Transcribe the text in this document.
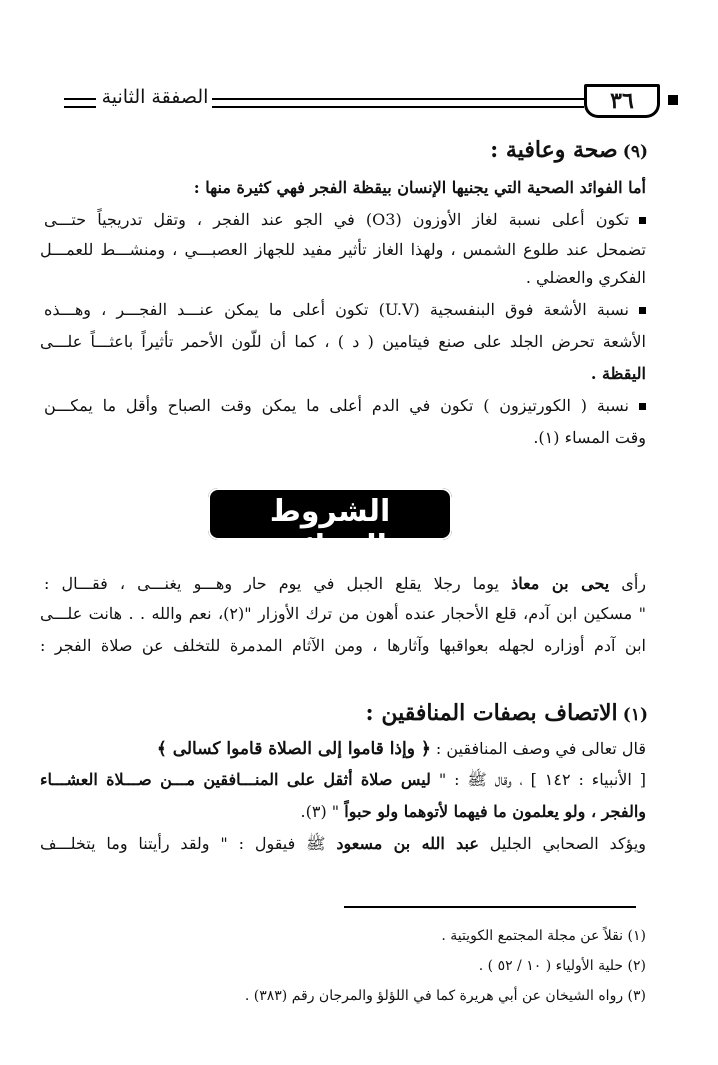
الصفقة الثانية	٣٦
(٩) صحة وعافية :
أما الفوائد الصحية التي يجنيها الإنسان بيقظة الفجر فهي كثيرة منها :
تكون أعلى نسبة لغاز الأوزون (O3) في الجو عند الفجر ، وتقل تدريجياً حتـــى
تضمحل عند طلوع الشمس ، ولهذا الغاز تأثير مفيد للجهاز العصبـــي ، ومنشـــط للعمـــل
الفكري والعضلي .
نسبة الأشعة فوق البنفسجية (U.V) تكون أعلى ما يمكن عنـــد الفجـــر ، وهـــذه
الأشعة تحرض الجلد على صنع فيتامين ( د ) ، كما أن للّون الأحمر تأثيراً باعثـــاً علـــى
اليقظة .
نسبة ( الكورتيزون ) تكون في الدم أعلى ما يمكن وقت الصباح وأقل ما يمكـــن
وقت المساء (١).
الشروط الجزائية
رأى يحى بن معاذ يوما رجلا يقلع الجبل في يوم حار وهـــو يغنـــى ، فقـــال :
" مسكين ابن آدم، قلع الأحجار عنده أهون من ترك الأوزار "(٢)، نعم والله . . هانت علـــى
ابن آدم أوزاره لجهله بعواقبها وآثارها ، ومن الآثام المدمرة للتخلف عن صلاة الفجر :
(١) الاتصاف بصفات المنافقين :
قال تعالى في وصف المنافقين : ﴿ وإذا قاموا إلى الصلاة قاموا كسالى ﴾
[ الأنبياء : ١٤٢ ] ، وقال ﷺ : " ليس صلاة أثقل على المنـــافقين مـــن صـــلاة العشـــاء
والفجر ، ولو يعلمون ما فيهما لأتوهما ولو حبواً " (٣).
ويؤكد الصحابي الجليل عبد الله بن مسعود ﷺ فيقول : " ولقد رأيتنا وما يتخلـــف
(١) نقلاً عن مجلة المجتمع الكويتية .
(٢) حلية الأولياء ( ١٠ / ٥٢ ) .
(٣) رواه الشيخان عن أبي هريرة كما في اللؤلؤ والمرجان رقم (٣٨٣) .
